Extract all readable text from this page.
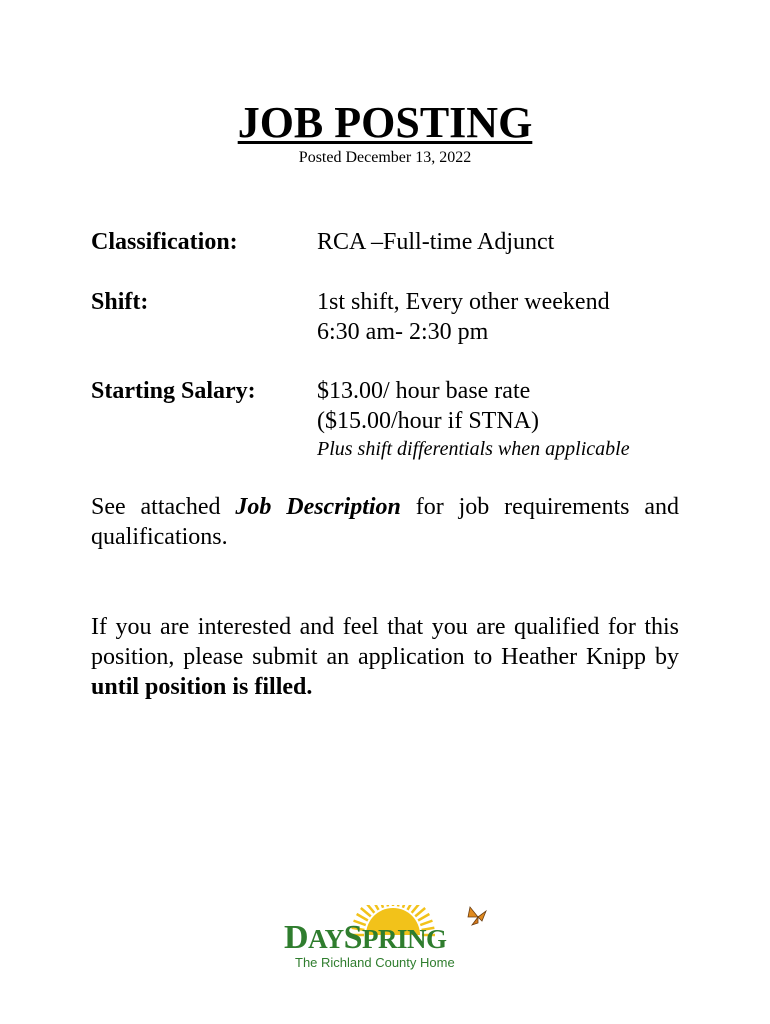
JOB POSTING
Posted December 13, 2022
Classification:	RCA –Full-time Adjunct
Shift:	1st shift, Every other weekend
6:30 am- 2:30 pm
Starting Salary:	$13.00/ hour base rate
($15.00/hour if STNA)
Plus shift differentials when applicable
See attached Job Description for job requirements and qualifications.
If you are interested and feel that you are qualified for this position, please submit an application to Heather Knipp by until position is filled.
DAYSPRING
The Richland County Home
